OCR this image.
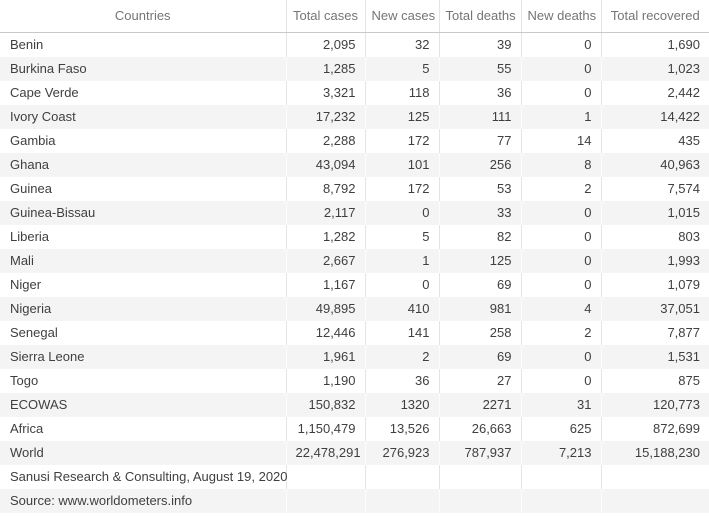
Countries	Total cases	New cases	Total deaths	New deaths	Total recovered
Benin	2,095	32	39	0	1,690
Burkina Faso	1,285	5	55	0	1,023
Cape Verde	3,321	118	36	0	2,442
Ivory Coast	17,232	125	111	1	14,422
Gambia	2,288	172	77	14	435
Ghana	43,094	101	256	8	40,963
Guinea	8,792	172	53	2	7,574
Guinea-Bissau	2,117	0	33	0	1,015
Liberia	1,282	5	82	0	803
Mali	2,667	1	125	0	1,993
Niger	1,167	0	69	0	1,079
Nigeria	49,895	410	981	4	37,051
Senegal	12,446	141	258	2	7,877
Sierra Leone	1,961	2	69	0	1,531
Togo	1,190	36	27	0	875
ECOWAS	150,832	1320	2271	31	120,773
Africa	1,150,479	13,526	26,663	625	872,699
World	22,478,291	276,923	787,937	7,213	15,188,230
Sanusi Research & Consulting, August 19, 2020					
Source: www.worldometers.info					
